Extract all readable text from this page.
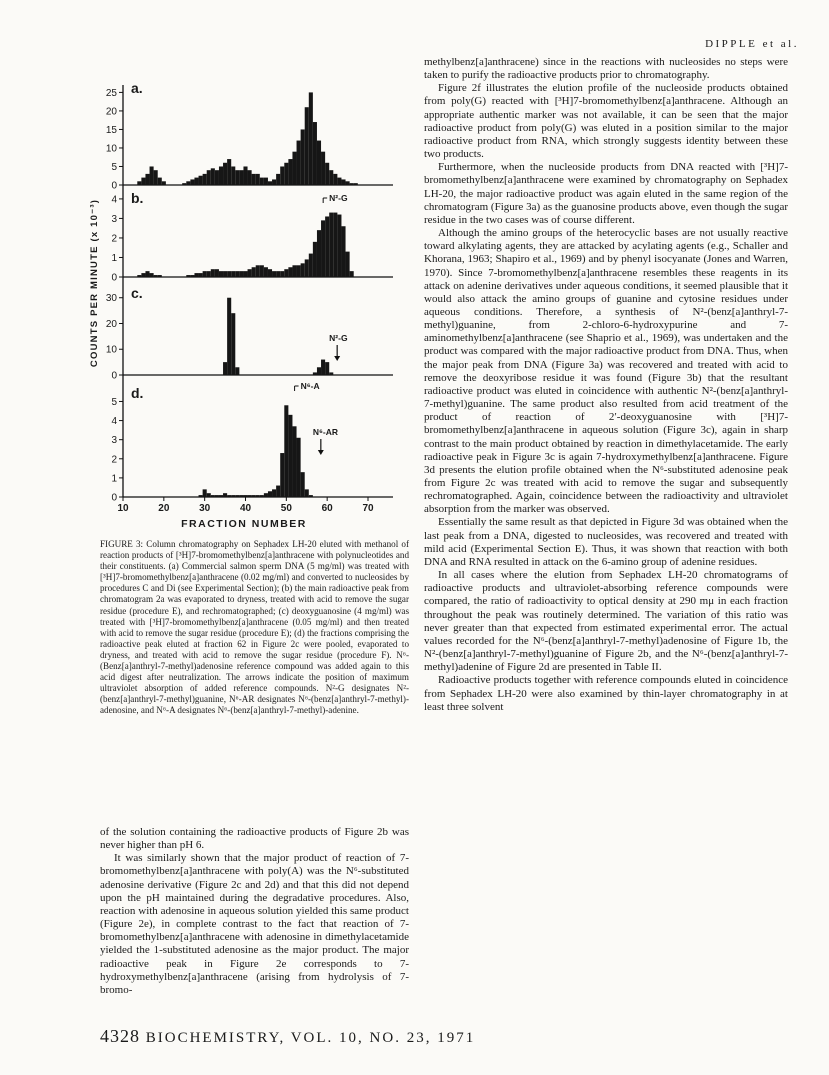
DIPPLE et al.
COUNTS PER MINUTE (x 10⁻³)
FRACTION NUMBER
25
20
15
10
5
0
a.
4
3
2
1
0
b.	N²-G
30
20
10
0
c.
N²-G
5
4
3
2
1
0
d.	N⁶-A
N⁶-AR
10	20	30	40	50	60	70
FIGURE 3: Column chromatography on Sephadex LH-20 eluted with methanol of reaction products of [³H]7-bromomethylbenz[a]anthracene with polynucleotides and their constituents. (a) Commercial salmon sperm DNA (5 mg/ml) was treated with [³H]7-bromomethylbenz[a]anthracene (0.02 mg/ml) and converted to nucleosides by procedures C and Di (see Experimental Section); (b) the main radioactive peak from chromatogram 2a was evaporated to dryness, treated with acid to remove the sugar residue (procedure E), and rechromatographed; (c) deoxyguanosine (4 mg/ml) was treated with [³H]7-bromomethylbenz[a]anthracene (0.05 mg/ml) and then treated with acid to remove the sugar residue (procedure E); (d) the fractions comprising the radioactive peak eluted at fraction 62 in Figure 2c were pooled, evaporated to dryness, and treated with acid to remove the sugar residue (procedure F). N⁶-(Benz[a]anthryl-7-methyl)adenosine reference compound was added again to this acid digest after neutralization. The arrows indicate the position of maximum ultraviolet absorption of added reference compounds. N²-G designates N²-(benz[a]anthryl-7-methyl)guanine, N⁶-AR designates N⁶-(benz[a]anthryl-7-methyl)-adenosine, and N⁶-A designates N⁶-(benz[a]anthryl-7-methyl)-adenine.

of the solution containing the radioactive products of Figure 2b was never higher than pH 6.

It was similarly shown that the major product of reaction of 7-bromomethylbenz[a]anthracene with poly(A) was the N⁶-substituted adenosine derivative (Figure 2c and 2d) and that this did not depend upon the pH maintained during the degradative procedures. Also, reaction with adenosine in aqueous solution yielded this same product (Figure 2e), in complete contrast to the fact that reaction of 7-bromomethylbenz[a]anthracene with adenosine in dimethylacetamide yielded the 1-substituted adenosine as the major product. The major radioactive peak in Figure 2e corresponds to 7-hydroxymethylbenz[a]anthracene (arising from hydrolysis of 7-bromo-

methylbenz[a]anthracene) since in the reactions with nucleosides no steps were taken to purify the radioactive products prior to chromatography.

Figure 2f illustrates the elution profile of the nucleoside products obtained from poly(G) reacted with [³H]7-bromomethylbenz[a]anthracene. Although an appropriate authentic marker was not available, it can be seen that the major radioactive product from poly(G) was eluted in a position similar to the major radioactive product from RNA, which strongly suggests identity between these two products.

Furthermore, when the nucleoside products from DNA reacted with [³H]7-bromomethylbenz[a]anthracene were examined by chromatography on Sephadex LH-20, the major radioactive product was again eluted in the same region of the chromatogram (Figure 3a) as the guanosine products above, even though the sugar residue in the two cases was of course different.

Although the amino groups of the heterocyclic bases are not usually reactive toward alkylating agents, they are attacked by acylating agents (e.g., Schaller and Khorana, 1963; Shapiro et al., 1969) and by phenyl isocyanate (Jones and Warren, 1970). Since 7-bromomethylbenz[a]anthracene resembles these reagents in its attack on adenine derivatives under aqueous conditions, it seemed plausible that it would also attack the amino groups of guanine and cytosine residues under aqueous conditions. Therefore, a synthesis of N²-(benz[a]anthryl-7-methyl)guanine, from 2-chloro-6-hydroxypurine and 7-aminomethylbenz[a]anthracene (see Shaprio et al., 1969), was undertaken and the product was compared with the major radioactive product from DNA. Thus, when the major peak from DNA (Figure 3a) was recovered and treated with acid to remove the deoxyribose residue it was found (Figure 3b) that the resultant radioactive product was eluted in coincidence with authentic N²-(benz[a]anthryl-7-methyl)guanine. The same product also resulted from acid treatment of the product of reaction of 2′-deoxyguanosine with [³H]7-bromomethylbenz[a]anthracene in aqueous solution (Figure 3c), again in sharp contrast to the main product obtained by reaction in dimethylacetamide. The early radioactive peak in Figure 3c is again 7-hydroxymethylbenz[a]anthracene. Figure 3d presents the elution profile obtained when the N⁶-substituted adenosine peak from Figure 2c was treated with acid to remove the sugar and subsequently rechromatographed. Again, coincidence between the radioactivity and ultraviolet absorption from the marker was observed.

Essentially the same result as that depicted in Figure 3d was obtained when the last peak from a DNA, digested to nucleosides, was recovered and treated with mild acid (Experimental Section E). Thus, it was shown that reaction with both DNA and RNA resulted in attack on the 6-amino group of adenine residues.

In all cases where the elution from Sephadex LH-20 chromatograms of radioactive products and ultraviolet-absorbing reference compounds were compared, the ratio of radioactivity to optical density at 290 mμ in each fraction throughout the peak was routinely determined. The variation of this ratio was never greater than that expected from estimated experimental error. The actual values recorded for the N⁶-(benz[a]anthryl-7-methyl)adenosine of Figure 1b, the N²-(benz[a]anthryl-7-methyl)guanine of Figure 2b, and the N⁶-(benz[a]anthryl-7-methyl)adenine of Figure 2d are presented in Table II.

Radioactive products together with reference compounds eluted in coincidence from Sephadex LH-20 were also examined by thin-layer chromatography in at least three solvent

4328 BIOCHEMISTRY, VOL. 10, NO. 23, 1971
